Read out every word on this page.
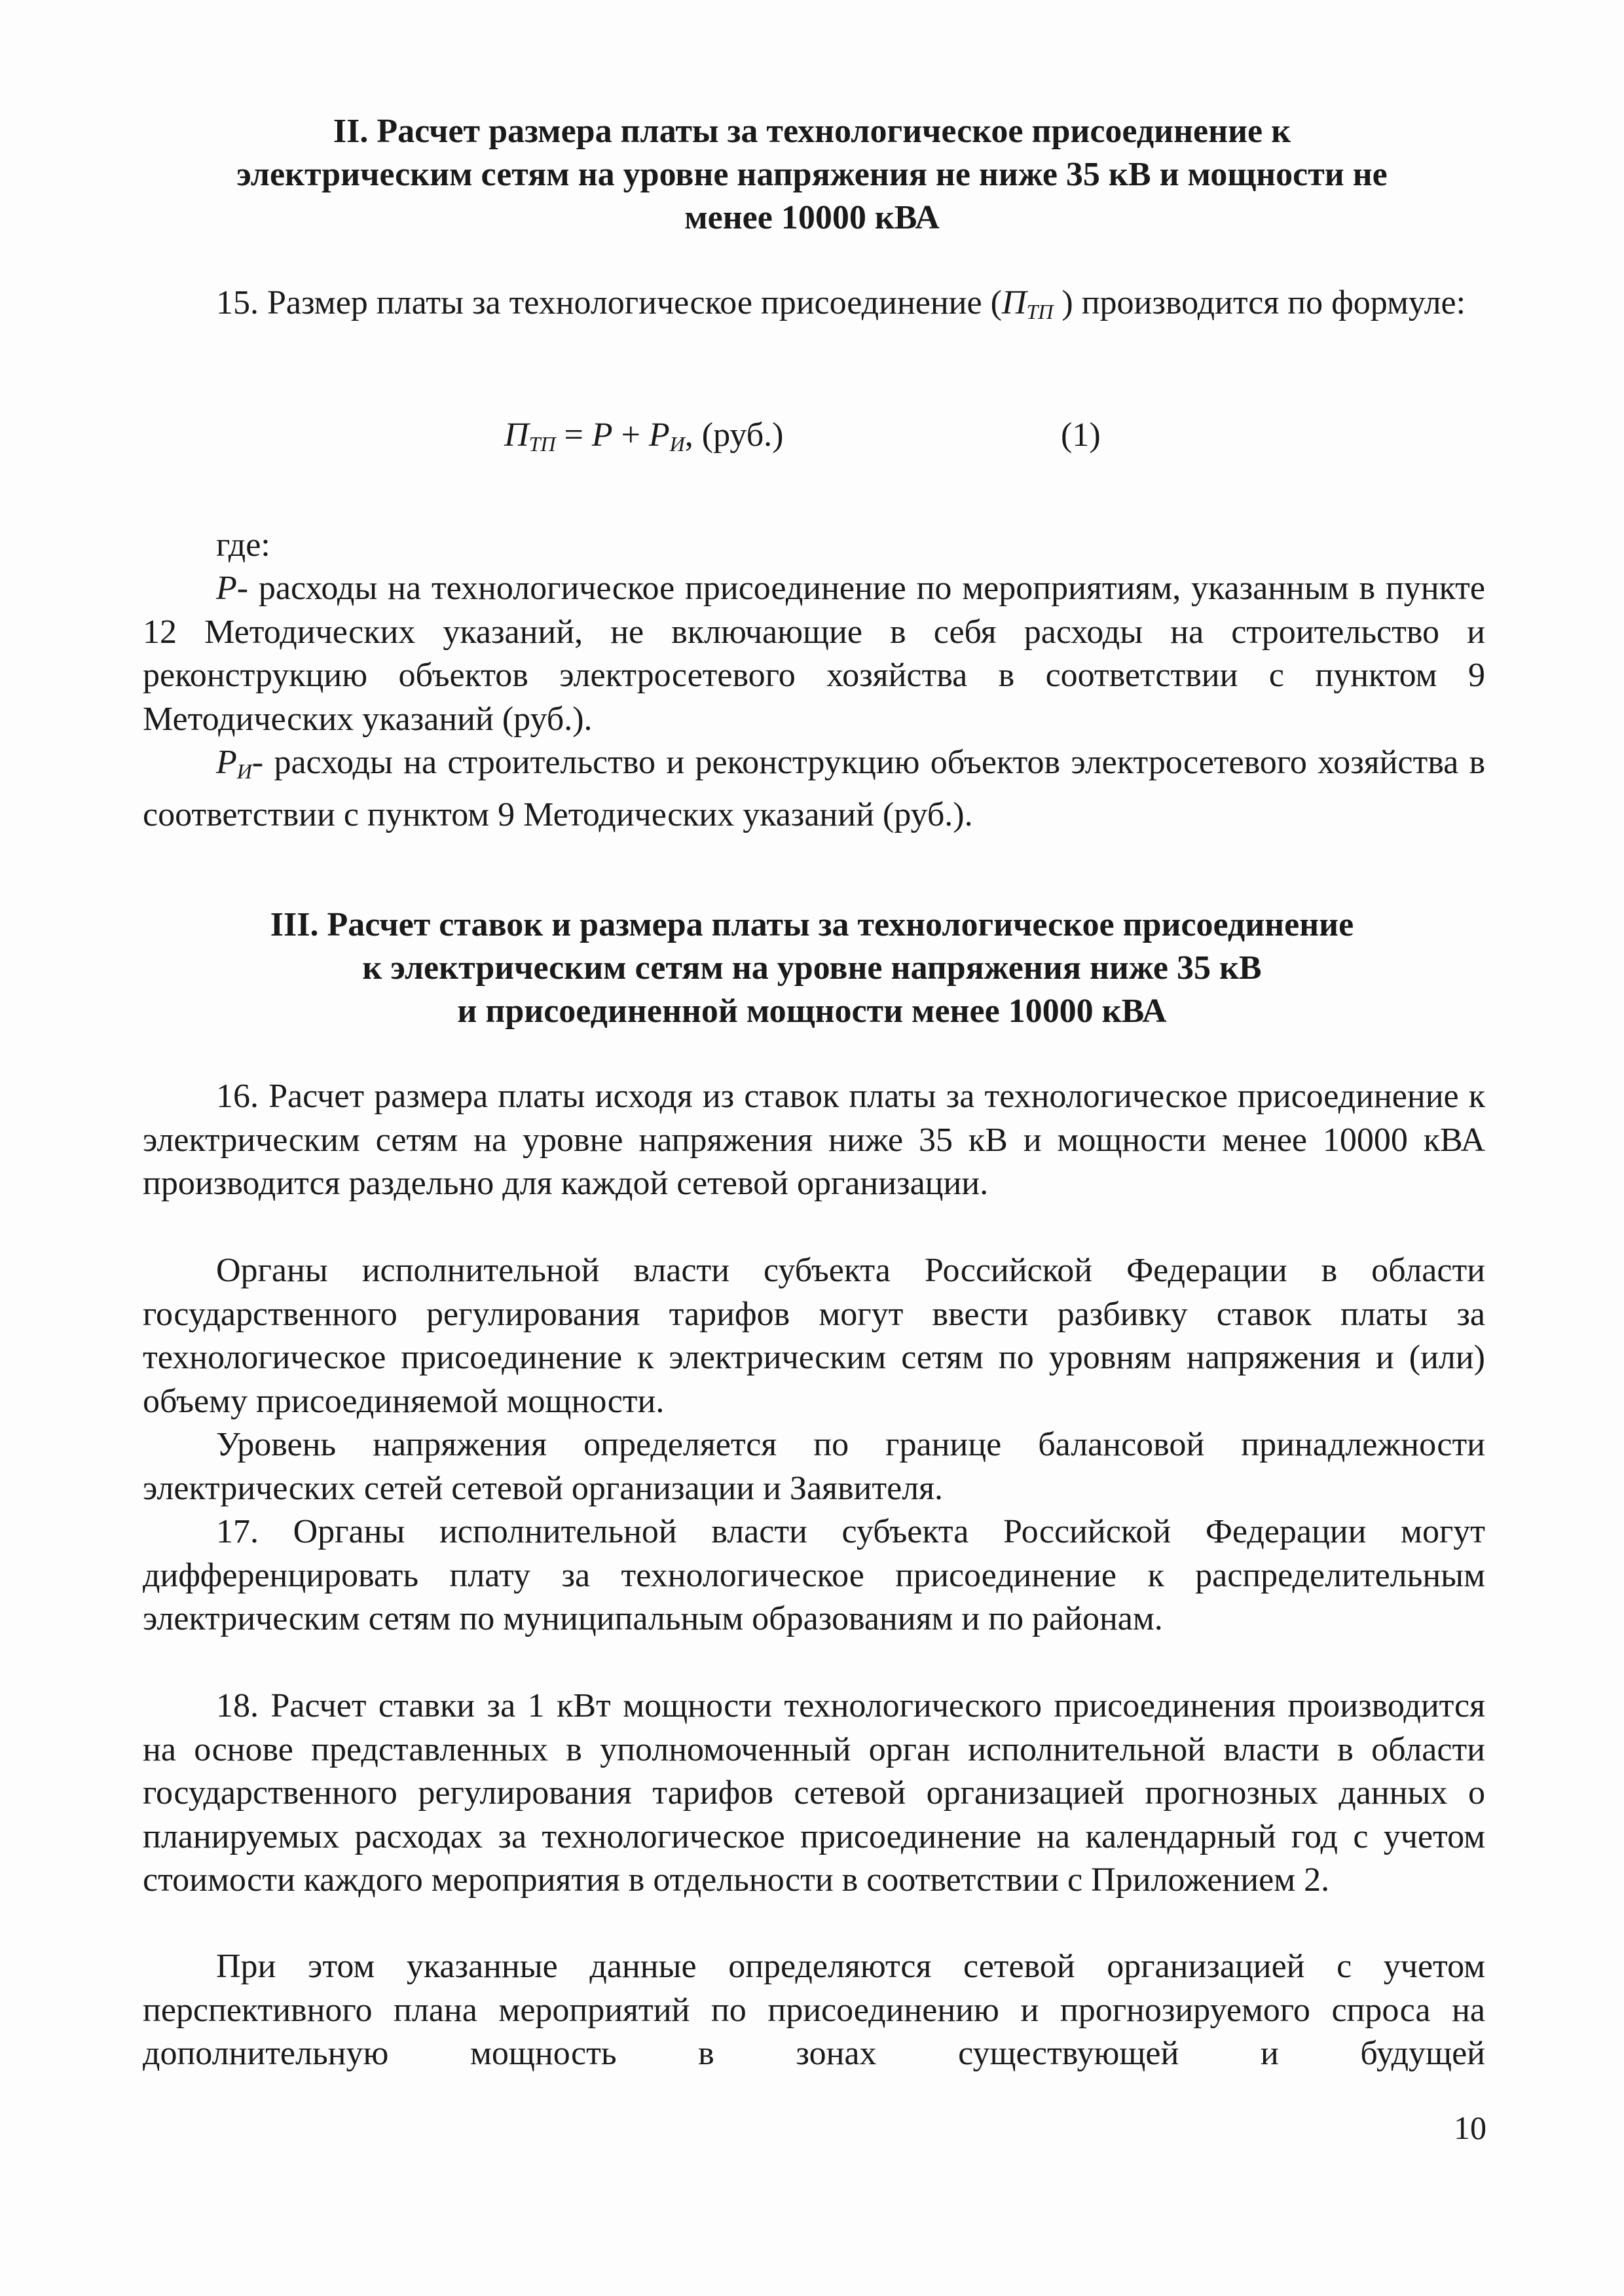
II. Расчет размера платы за технологическое присоединение к
электрическим сетям на уровне напряжения не ниже 35 кВ и мощности не
менее 10000 кВА

15. Размер платы за технологическое присоединение ($П_{ТП}$ ) производится по формуле:

$П_{ТП} = Р + Р_И$, (руб.)	(1)

где:

Р- расходы на технологическое присоединение по мероприятиям, указанным в пункте 12 Методических указаний, не включающие в себя расходы на строительство и реконструкцию объектов электросетевого хозяйства в соответствии с пунктом 9 Методических указаний (руб.).

$Р_И-$ расходы на строительство и реконструкцию объектов электросетевого хозяйства в соответствии с пунктом 9 Методических указаний (руб.).

III. Расчет ставок и размера платы за технологическое присоединение
к электрическим сетям на уровне напряжения ниже 35 кВ
и присоединенной мощности менее 10000 кВА

16. Расчет размера платы исходя из ставок платы за технологическое присоединение к электрическим сетям на уровне напряжения ниже 35 кВ и мощности менее 10000 кВА производится раздельно для каждой сетевой организации.

Органы исполнительной власти субъекта Российской Федерации в области государственного регулирования тарифов могут ввести разбивку ставок платы за технологическое присоединение к электрическим сетям по уровням напряжения и (или) объему присоединяемой мощности.

Уровень напряжения определяется по границе балансовой принадлежности электрических сетей сетевой организации и Заявителя.

17. Органы исполнительной власти субъекта Российской Федерации могут дифференцировать плату за технологическое присоединение к распределительным электрическим сетям по муниципальным образованиям и по районам.

18. Расчет ставки за 1 кВт мощности технологического присоединения производится на основе представленных в уполномоченный орган исполнительной власти в области государственного регулирования тарифов сетевой организацией прогнозных данных о планируемых расходах за технологическое присоединение на календарный год с учетом стоимости каждого мероприятия в отдельности в соответствии с Приложением 2.

При этом указанные данные определяются сетевой организацией с учетом перспективного плана мероприятий по присоединению и прогнозируемого спроса на дополнительную мощность в зонах существующей и будущей

10
